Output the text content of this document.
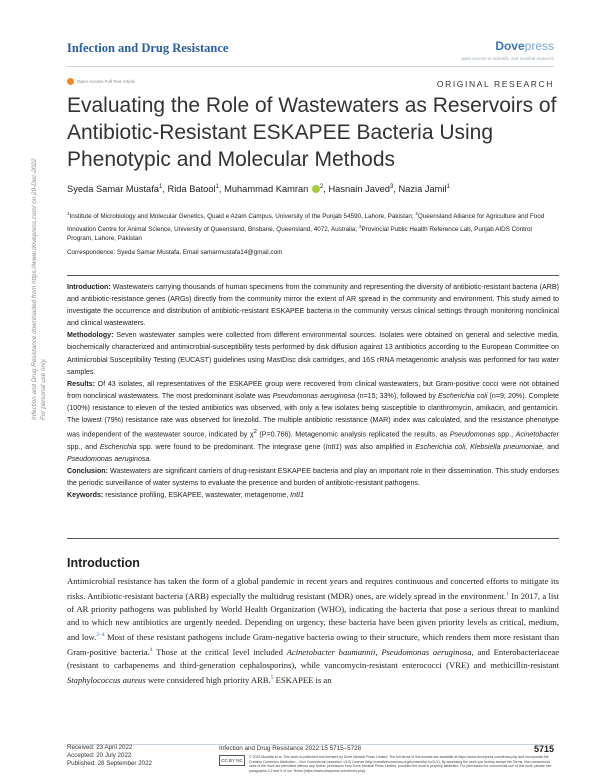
Infection and Drug Resistance	Dovepress
open access to scientific and medical research
Open Access Full Text Article	ORIGINAL RESEARCH
Evaluating the Role of Wastewaters as Reservoirs of Antibiotic-Resistant ESKAPEE Bacteria Using Phenotypic and Molecular Methods
Syeda Samar Mustafa$^1$, Rida Batool$^1$, Muhammad Kamran $^2$, Hasnain Javed$^3$, Nazia Jamil$^1$
$^1$Institute of Microbiology and Molecular Genetics, Quaid e Azam Campus, University of the Punjab 54590, Lahore, Pakistan; $^2$Queensland Alliance for Agriculture and Food Innovation Centre for Animal Science, University of Queensland, Brisbane, Queensland, 4072, Australia; $^3$Provincial Public Health Reference Lab, Punjab AIDS Control Program, Lahore, Pakistan
Correspondence: Syeda Samar Mustafa, Email samarmustafa14@gmail.com

Introduction: Wastewaters carrying thousands of human specimens from the community and representing the diversity of antibiotic-resistant bacteria (ARB) and antibiotic-resistance genes (ARGs) directly from the community mirror the extent of AR spread in the community and environment. This study aimed to investigate the occurrence and distribution of antibiotic-resistant ESKAPEE bacteria in the community versus clinical settings through monitoring nonclinical and clinical wastewaters.

Methodology: Seven wastewater samples were collected from different environmental sources. Isolates were obtained on general and selective media, biochemically characterized and antimicrobial-susceptibility tests performed by disk diffusion against 13 antibiotics according to the European Committee on Antimicrobial Susceptibility Testing (EUCAST) guidelines using MastDisc disk cartridges, and 16S rRNA metagenomic analysis was performed for two water samples.

Results: Of 43 isolates, all representatives of the ESKAPEE group were recovered from clinical wastewaters, but Gram-positive cocci were not obtained from nonclinical wastewaters. The most predominant isolate was Pseudomonas aeruginosa (n=15; 33%), followed by Escherichia coli (n=9; 20%). Complete (100%) resistance to eleven of the tested antibiotics was observed, with only a few isolates being susceptible to clarithromycin, amikacin, and gentamicin. The lowest (79%) resistance rate was observed for linezolid. The multiple antibiotic resistance (MAR) index was calculated, and the resistance phenotype was independent of the wastewater source, indicated by $\chi^2$ (P=0.766). Metagenomic analysis replicated the results, as Pseudomonas spp., Acinetobacter spp., and Escherichia spp. were found to be predominant. The integrase gene (IntI1) was also amplified in Escherichia coli, Klebsiella pneumoniae, and Pseudomonas aeruginosa.

Conclusion: Wastewaters are significant carriers of drug-resistant ESKAPEE bacteria and play an important role in their dissemination. This study endorses the periodic surveillance of water systems to evaluate the presence and burden of antibiotic-resistant pathogens.

Keywords: resistance profiling, ESKAPEE, wastewater, metagenome, IntI1

Introduction

Antimicrobial resistance has taken the form of a global pandemic in recent years and requires continuous and concerted efforts to mitigate its risks. Antibiotic-resistant bacteria (ARB) especially the multidrug resistant (MDR) ones, are widely spread in the environment.$^1$ In 2017, a list of AR priority pathogens was published by World Health Organization (WHO), indicating the bacteria that pose a serious threat to mankind and to which new antibiotics are urgently needed. Depending on urgency, these bacteria have been given priority levels as critical, medium, and low.$^{2-4}$ Most of these resistant pathogens include Gram-negative bacteria owing to their structure, which renders them more resistant than Gram-positive bacteria.$^4$ Those at the critical level included Acinetobacter baumannii, Pseudomonas aeruginosa, and Enterobacteriaceae (resistant to carbapenems and third-generation cephalosporins), while vancomycin-resistant enterococci (VRE) and methicillin-resistant Staphylococcus aureus were considered high priority ARB.$^5$ ESKAPEE is an

Received: 23 April 2022
Accepted: 20 July 2022
Published: 28 September 2022
Infection and Drug Resistance 2022:15 5715–5728	5715
CC BY NC
© 2022 Mustafa et al. This work is published and licensed by Dove Medical Press Limited. The full terms of this license are available at https://www.dovepress.com/terms.php and incorporate the Creative Commons Attribution – Non Commercial (unported, v3.0) License (http://creativecommons.org/licenses/by-nc/3.0/). By accessing the work you hereby accept the Terms. Non-commercial uses of the work are permitted without any further permission from Dove Medical Press Limited, provided the work is properly attributed. For permission for commercial use of this work, please see paragraphs 4.2 and 5 of our Terms (https://www.dovepress.com/terms.php).
Infection and Drug Resistance downloaded from https://www.dovepress.com/ on 29-Dec-2022 For personal use only.
